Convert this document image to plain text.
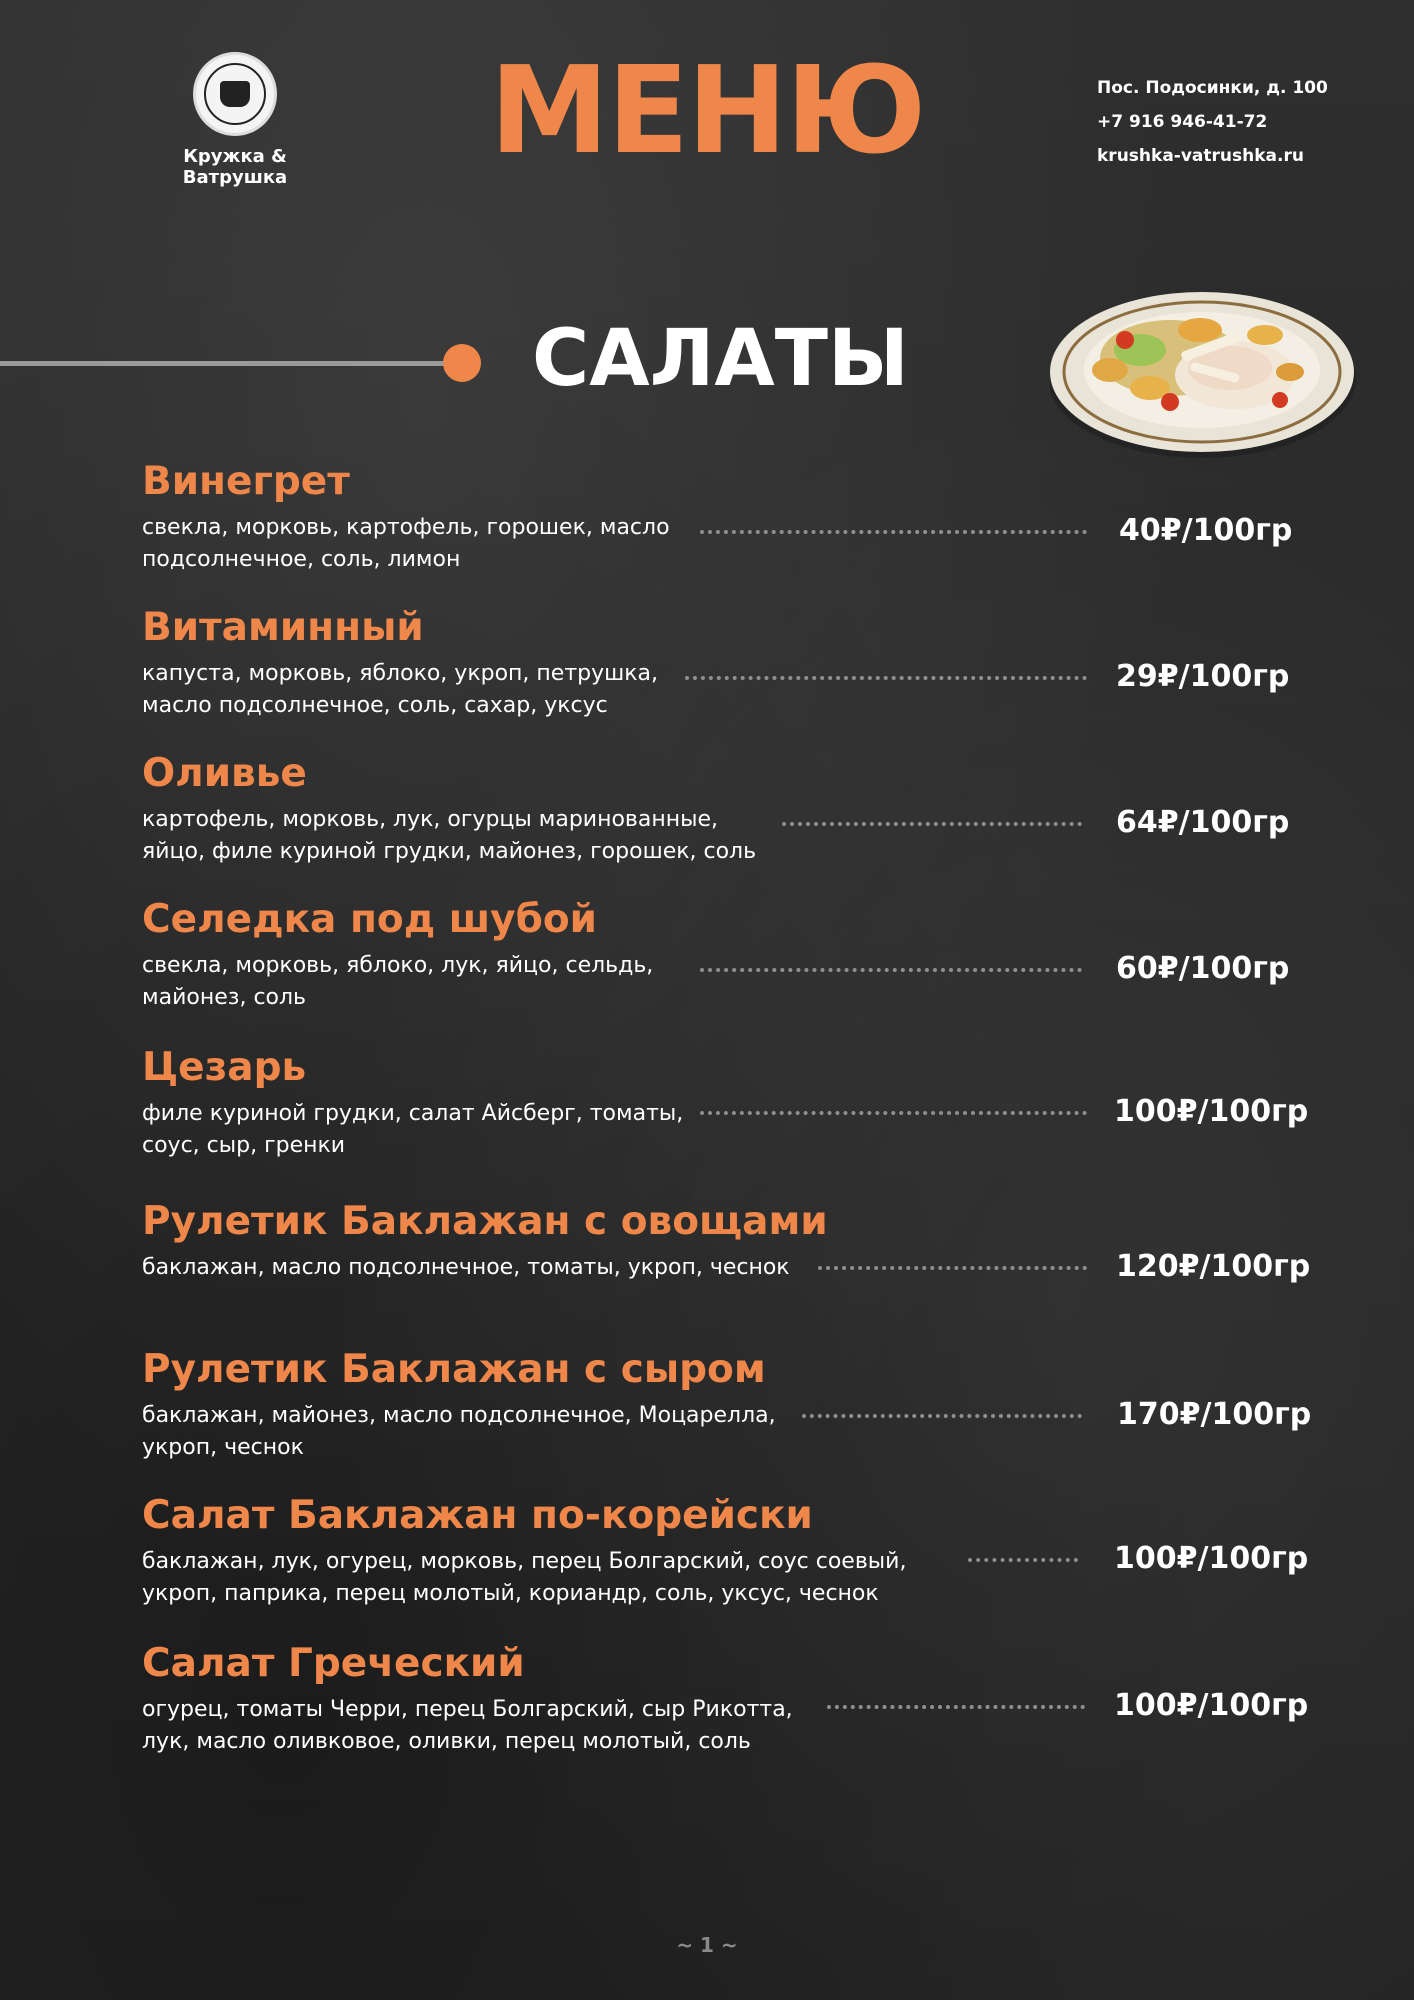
Кружка & Ватрушка	МЕНЮ	Пос. Подосинки, д. 100
+7 916 946-41-72
krushka-vatrushka.ru
САЛАТЫ
Винегрет
свекла, морковь, картофель, горошек, масло
подсолнечное, соль, лимон
40₽/100гр
Витаминный
капуста, морковь, яблоко, укроп, петрушка,
масло подсолнечное, соль, сахар, уксус
29₽/100гр
Оливье
картофель, морковь, лук, огурцы маринованные,
яйцо, филе куриной грудки, майонез, горошек, соль
64₽/100гр
Селедка под шубой
свекла, морковь, яблоко, лук, яйцо, сельдь,
майонез, соль
60₽/100гр
Цезарь
филе куриной грудки, салат Айсберг, томаты,
соус, сыр, гренки
100₽/100гр
Рулетик Баклажан с овощами
баклажан, масло подсолнечное, томаты, укроп, чеснок	120₽/100гр
Рулетик Баклажан с сыром
баклажан, майонез, масло подсолнечное, Моцарелла,
укроп, чеснок
170₽/100гр
Салат Баклажан по-корейски
баклажан, лук, огурец, морковь, перец Болгарский, соус соевый,
укроп, паприка, перец молотый, кориандр, соль, уксус, чеснок
100₽/100гр
Салат Греческий
огурец, томаты Черри, перец Болгарский, сыр Рикотта,
лук, масло оливковое, оливки, перец молотый, соль
100₽/100гр
~ 1 ~
